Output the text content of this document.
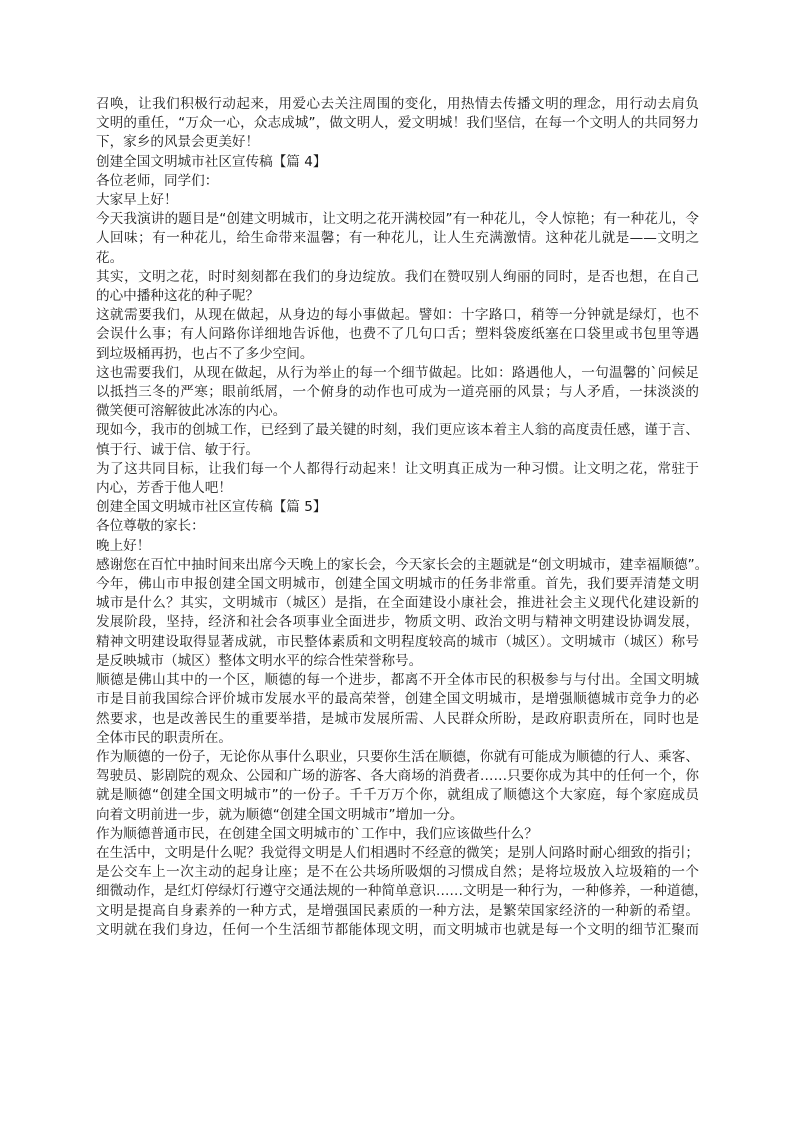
召唤，让我们积极行动起来，用爱心去关注周围的变化，用热情去传播文明的理念，用行动去肩负
文明的重任，“万众一心，众志成城”，做文明人，爱文明城！我们坚信，在每一个文明人的共同努力
下，家乡的风景会更美好！
创建全国文明城市社区宣传稿【篇 4】
各位老师，同学们：
大家早上好！
今天我演讲的题目是“创建文明城市，让文明之花开满校园”有一种花儿，令人惊艳；有一种花儿，令
人回味；有一种花儿，给生命带来温馨；有一种花儿，让人生充满激情。这种花儿就是——文明之
花。
其实，文明之花，时时刻刻都在我们的身边绽放。我们在赞叹别人绚丽的同时，是否也想，在自己
的心中播种这花的种子呢？
这就需要我们，从现在做起，从身边的每小事做起。譬如：十字路口，稍等一分钟就是绿灯，也不
会误什么事；有人问路你详细地告诉他，也费不了几句口舌；塑料袋废纸塞在口袋里或书包里等遇
到垃圾桶再扔，也占不了多少空间。
这也需要我们，从现在做起，从行为举止的每一个细节做起。比如：路遇他人，一句温馨的`问候足
以抵挡三冬的严寒；眼前纸屑，一个俯身的动作也可成为一道亮丽的风景；与人矛盾，一抹淡淡的
微笑便可溶解彼此冰冻的内心。
现如今，我市的创城工作，已经到了最关键的时刻，我们更应该本着主人翁的高度责任感，谨于言、
慎于行、诚于信、敏于行。
为了这共同目标，让我们每一个人都得行动起来！让文明真正成为一种习惯。让文明之花，常驻于
内心，芳香于他人吧！
创建全国文明城市社区宣传稿【篇 5】
各位尊敬的家长：
晚上好！
感谢您在百忙中抽时间来出席今天晚上的家长会，今天家长会的主题就是“创文明城市，建幸福顺德”。
今年，佛山市申报创建全国文明城市，创建全国文明城市的任务非常重。首先，我们要弄清楚文明
城市是什么？其实，文明城市（城区）是指，在全面建设小康社会，推进社会主义现代化建设新的
发展阶段，坚持，经济和社会各项事业全面进步，物质文明、政治文明与精神文明建设协调发展，
精神文明建设取得显著成就，市民整体素质和文明程度较高的城市（城区）。文明城市（城区）称号
是反映城市（城区）整体文明水平的综合性荣誉称号。
顺德是佛山其中的一个区，顺德的每一个进步，都离不开全体市民的积极参与与付出。全国文明城
市是目前我国综合评价城市发展水平的最高荣誉，创建全国文明城市，是增强顺德城市竞争力的必
然要求，也是改善民生的重要举措，是城市发展所需、人民群众所盼，是政府职责所在，同时也是
全体市民的职责所在。
作为顺德的一份子，无论你从事什么职业，只要你生活在顺德，你就有可能成为顺德的行人、乘客、
驾驶员、影剧院的观众、公园和广场的游客、各大商场的消费者……只要你成为其中的任何一个，你
就是顺德“创建全国文明城市”的一份子。千千万万个你，就组成了顺德这个大家庭，每个家庭成员
向着文明前进一步，就为顺德“创建全国文明城市”增加一分。
作为顺德普通市民，在创建全国文明城市的`工作中，我们应该做些什么？
在生活中，文明是什么呢？我觉得文明是人们相遇时不经意的微笑；是别人问路时耐心细致的指引；
是公交车上一次主动的起身让座；是不在公共场所吸烟的习惯成自然；是将垃圾放入垃圾箱的一个
细微动作，是红灯停绿灯行遵守交通法规的一种简单意识……文明是一种行为，一种修养，一种道德，
文明是提高自身素养的一种方式，是增强国民素质的一种方法，是繁荣国家经济的一种新的希望。
文明就在我们身边，任何一个生活细节都能体现文明，而文明城市也就是每一个文明的细节汇聚而
